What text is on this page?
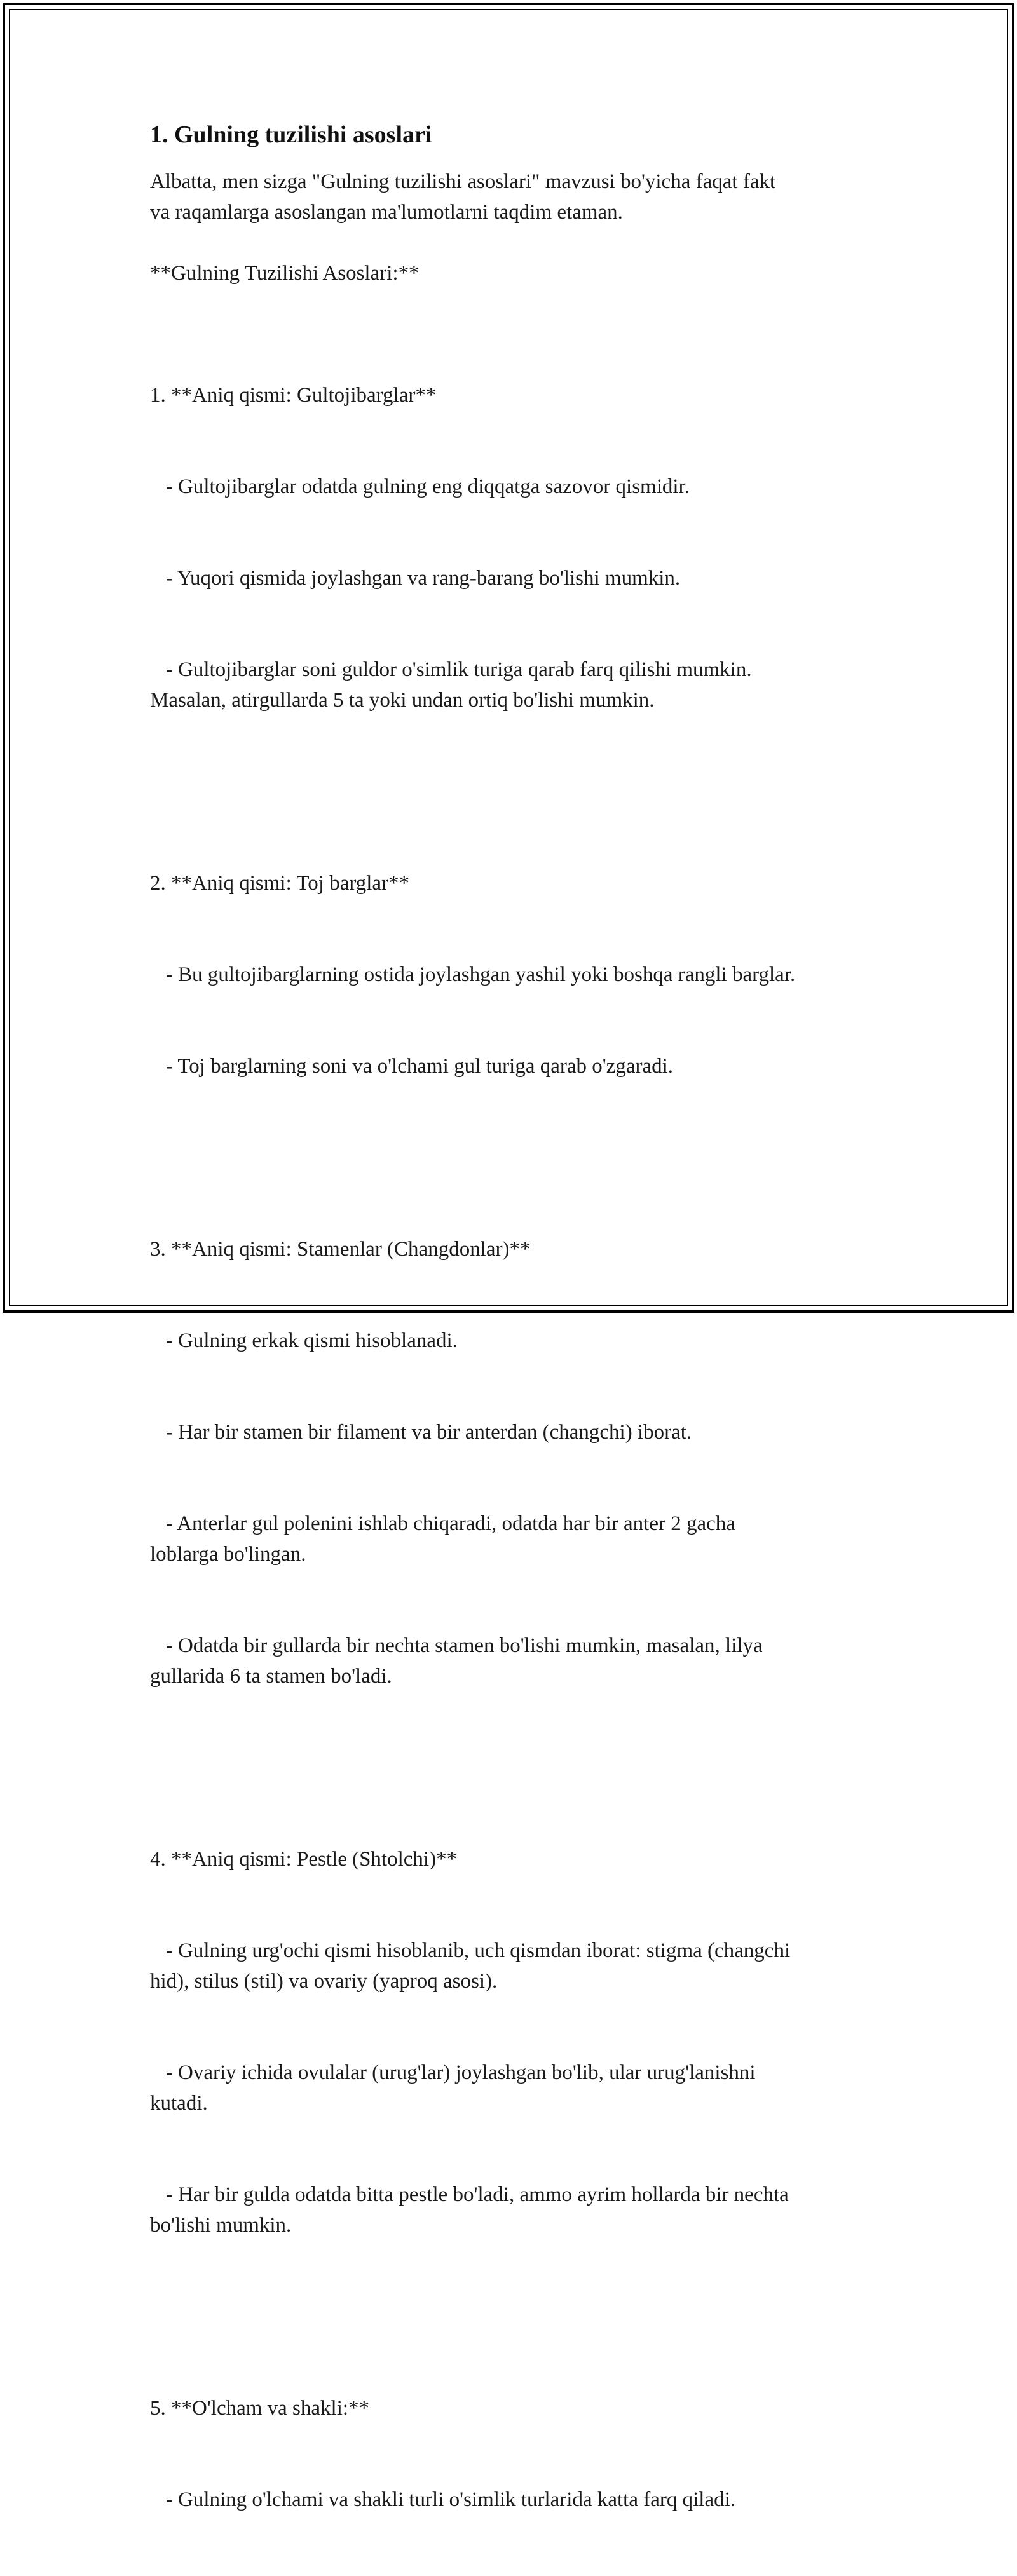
1. Gulning tuzilishi asoslari

Albatta, men sizga "Gulning tuzilishi asoslari" mavzusi bo'yicha faqat fakt
va raqamlarga asoslangan ma'lumotlarni taqdim etaman.

**Gulning Tuzilishi Asoslari:**

1. **Aniq qismi: Gultojibarglar**

- Gultojibarglar odatda gulning eng diqqatga sazovor qismidir.

- Yuqori qismida joylashgan va rang-barang bo'lishi mumkin.

- Gultojibarglar soni guldor o'simlik turiga qarab farq qilishi mumkin.
Masalan, atirgullarda 5 ta yoki undan ortiq bo'lishi mumkin.

2. **Aniq qismi: Toj barglar**

- Bu gultojibarglarning ostida joylashgan yashil yoki boshqa rangli barglar.

- Toj barglarning soni va o'lchami gul turiga qarab o'zgaradi.

3. **Aniq qismi: Stamenlar (Changdonlar)**

- Gulning erkak qismi hisoblanadi.

- Har bir stamen bir filament va bir anterdan (changchi) iborat.

- Anterlar gul polenini ishlab chiqaradi, odatda har bir anter 2 gacha
loblarga bo'lingan.

- Odatda bir gullarda bir nechta stamen bo'lishi mumkin, masalan, lilya
gullarida 6 ta stamen bo'ladi.

4. **Aniq qismi: Pestle (Shtolchi)**

- Gulning urg'ochi qismi hisoblanib, uch qismdan iborat: stigma (changchi
hid), stilus (stil) va ovariy (yaproq asosi).

- Ovariy ichida ovulalar (urug'lar) joylashgan bo'lib, ular urug'lanishni
kutadi.

- Har bir gulda odatda bitta pestle bo'ladi, ammo ayrim hollarda bir nechta
bo'lishi mumkin.

5. **O'lcham va shakli:**

- Gulning o'lchami va shakli turli o'simlik turlarida katta farq qiladi.
